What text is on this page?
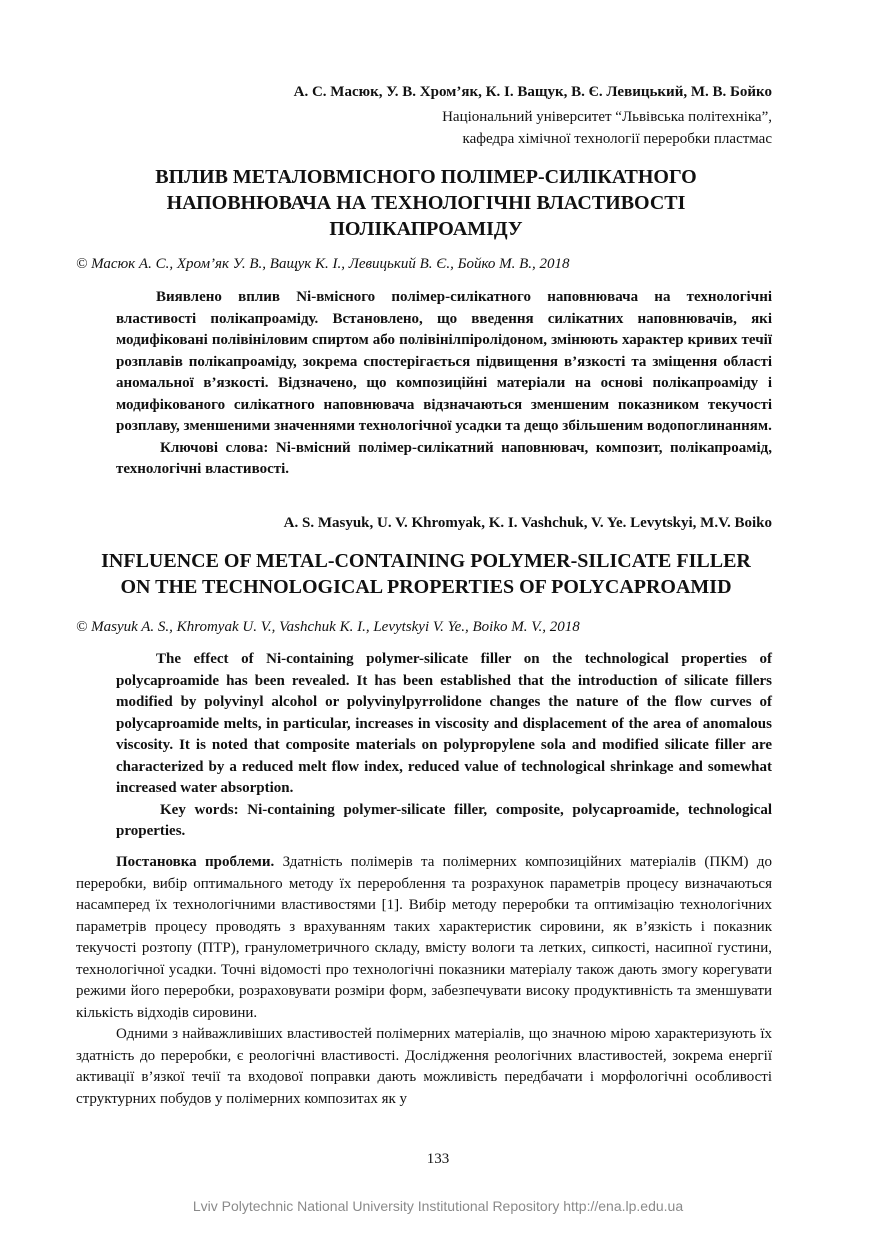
А. С. Масюк, У. В. Хром’як, К. І. Ващук, В. Є. Левицький, М. В. Бойко
Національний університет “Львівська політехніка”,
кафедра хімічної технології переробки пластмас
ВПЛИВ МЕТАЛОВМІСНОГО ПОЛІМЕР-СИЛІКАТНОГО
НАПОВНЮВАЧА НА ТЕХНОЛОГІЧНІ ВЛАСТИВОСТІ
ПОЛІКАПРОАМІДУ
© Масюк А. С., Хром’як У. В., Ващук К. І., Левицький В. Є., Бойко М. В., 2018

Виявлено вплив Ni-вмісного полімер-силікатного наповнювача на технологічні властивості полікапроаміду. Встановлено, що введення силікатних наповнювачів, які модифіковані полівініловим спиртом або полівінілпіролідоном, змінюють характер кривих течії розплавів полікапроаміду, зокрема спостерігається підвищення в’язкості та зміщення області аномальної в’язкості. Відзначено, що композиційні матеріали на основі полікапроаміду і модифікованого силікатного наповнювача відзначаються зменшеним показником текучості розплаву, зменшеними значеннями технологічної усадки та дещо збільшеним водопоглинанням.

Ключові слова: Ni-вмісний полімер-силікатний наповнювач, композит, полікапроамід, технологічні властивості.

A. S. Masyuk, U. V. Khromyak, K. I. Vashchuk, V. Ye. Levytskyi, M.V. Boiko
INFLUENCE OF METAL-CONTAINING POLYMER-SILICATE FILLER
ON THE TECHNOLOGICAL PROPERTIES OF POLYCAPROAMID
© Masyuk A. S., Khromyak U. V., Vashchuk K. I., Levytskyi V. Ye., Boiko M. V., 2018

The effect of Ni-containing polymer-silicate filler on the technological properties of polycaproamide has been revealed. It has been established that the introduction of silicate fillers modified by polyvinyl alcohol or polyvinylpyrrolidone changes the nature of the flow curves of polycaproamide melts, in particular, increases in viscosity and displacement of the area of anomalous viscosity. It is noted that composite materials on polypropylene sola and modified silicate filler are characterized by a reduced melt flow index, reduced value of technological shrinkage and somewhat increased water absorption.

Key words: Ni-containing polymer-silicate filler, composite, polycaproamide, technological properties.

Постановка проблеми. Здатність полімерів та полімерних композиційних матеріалів (ПКМ) до переробки, вибір оптимального методу їх перероблення та розрахунок параметрів процесу визначаються насамперед їх технологічними властивостями [1]. Вибір методу переробки та оптимізацію технологічних параметрів процесу проводять з врахуванням таких характеристик сировини, як в’язкість і показник текучості розтопу (ПТР), гранулометричного складу, вмісту вологи та летких, сипкості, насипної густини, технологічної усадки. Точні відомості про технологічні показники матеріалу також дають змогу корегувати режими його переробки, розраховувати розміри форм, забезпечувати високу продуктивність та зменшувати кількість відходів сировини.

Одними з найважливіших властивостей полімерних матеріалів, що значною мірою характеризують їх здатність до переробки, є реологічні властивості. Дослідження реологічних властивостей, зокрема енергії активації в’язкої течії та входової поправки дають можливість передбачати і морфологічні особливості структурних побудов у полімерних композитах як у

133
Lviv Polytechnic National University Institutional Repository http://ena.lp.edu.ua
